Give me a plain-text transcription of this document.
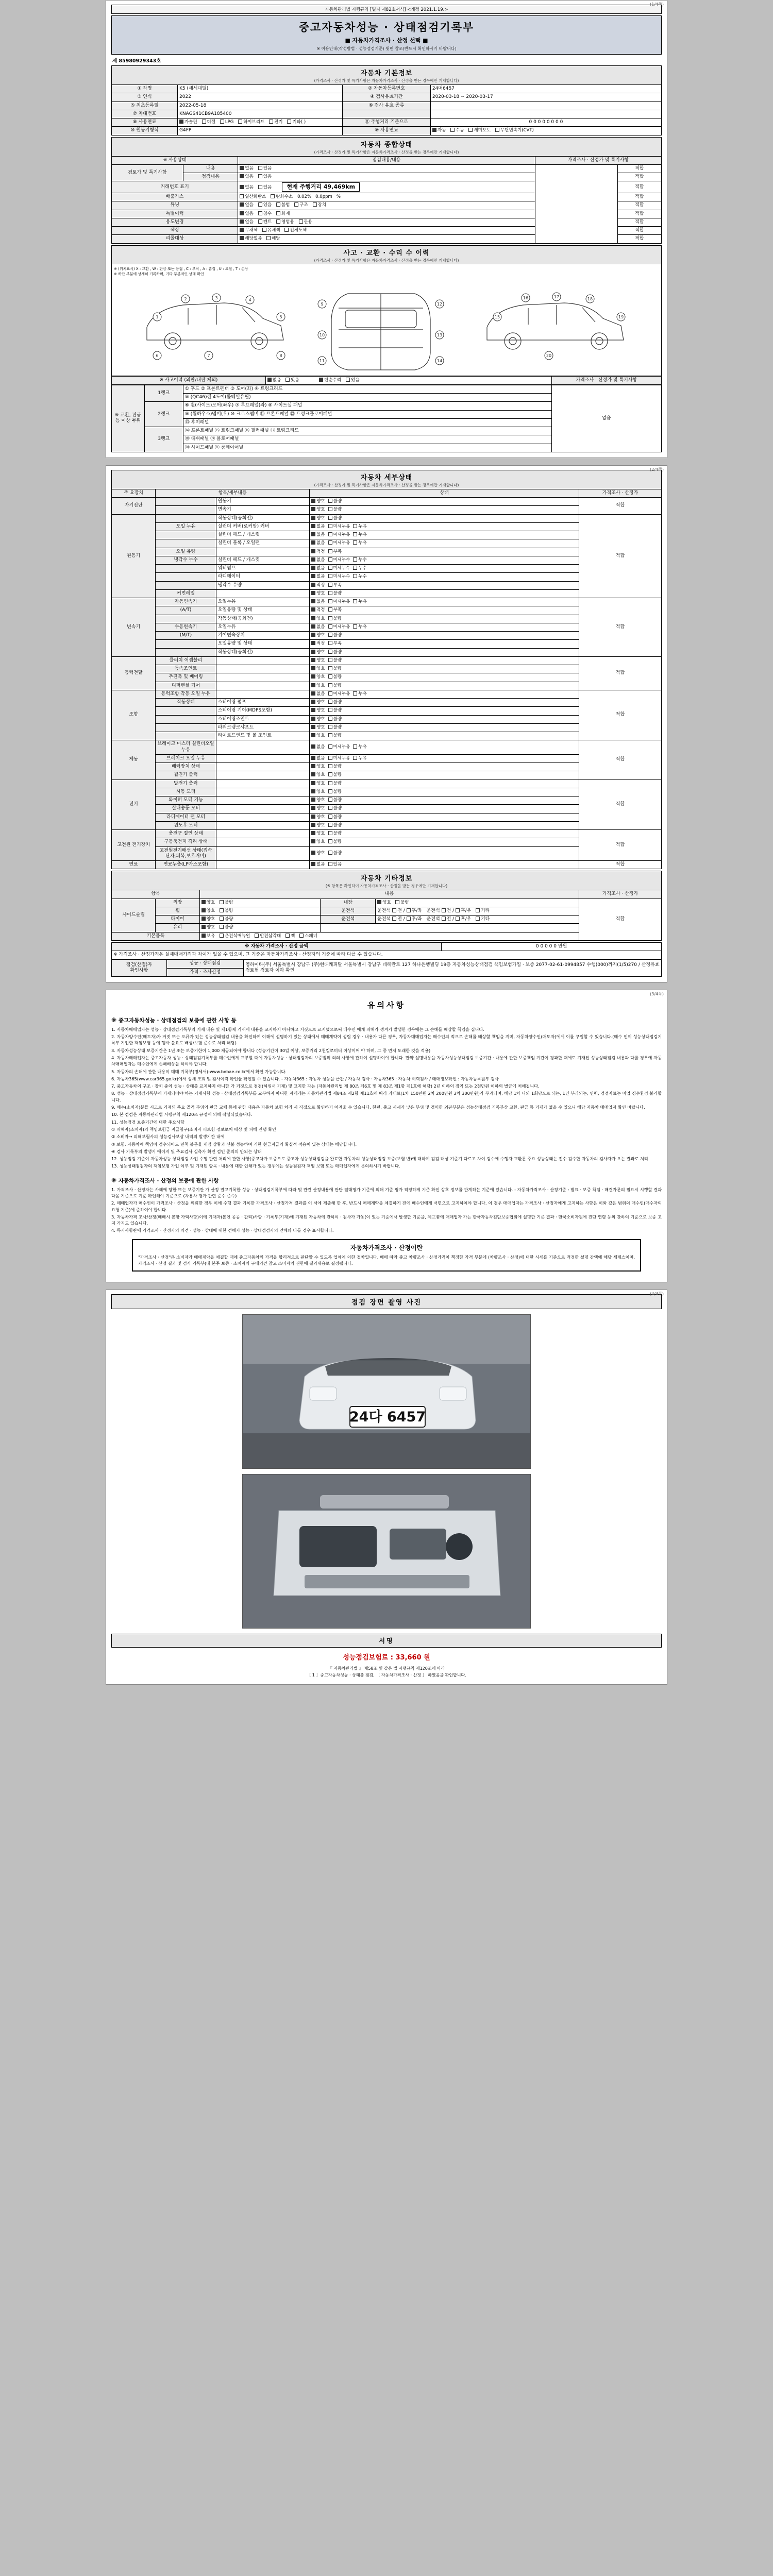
(1/4쪽)
자동차관리법 시행규칙 [별지 제82호서식] <개정 2021.1.19.>
중고자동차성능 · 상태점검기록부
■ 자동차가격조사 · 산정 선택 ■
※ 이용안내(작성방법 · 성능점검기준) 뒷면 참조(반드시 확인하시기 바랍니다)
제 85980929343호
자동차 기본정보
(가격조사 · 산정가 및 특기사항은 자동차가격조사 · 산정을 받는 경우에만 기재합니다)
① 차명	K5 (세세대딜)	② 자동차등록번호	24머6457
③ 연식	2022	④ 검사유효기간	2020-03-18 ~ 2020-03-17
⑤ 최초등록일	2022-05-18	⑥ 검사 유효 종류	
⑦ 차대번호	KNAGS41CB9A185400		
⑧ 사용연료	가솔린 디젤 LPG 하이브리드 전기 기타( )	⑪ 주행거리 기준으로	0 0 0 0 0 0 0 0
⑩ 원동기형식	G4FP	⑨ 사용연료	자동 수동 세미오토 무단변속기(CVT)
자동차 종합상태
(가격조사 · 산정가 및 특기사항은 자동차가격조사 · 산정을 받는 경우에만 기재합니다)
※ 사용상태		점검내용/내용	가격조사 · 산정가 및 특기사항	
검토가 및 특기사항	내용	없음 있음		적합
	점검내용	없음 있음		적합
거래번호 표기		없음 있음 현재 주행거리 49,469km		적합
배출가스		일산화탄소 탄화수소 0.02%   0.0ppm   %		적합
튜닝		없음 있음 불법 구조 장치		적합
특별이력		없음 침수 화재		적합
용도변경		없음 렌트 영업용 관용		적합
색상		무채색 유채색 전체도색		적합
리콜대상		해당없음 해당		적합
사고 · 교환 · 수리 수 이력
(가격조사 · 산정가 및 특기사항은 자동차가격조사 · 산정을 받는 경우에만 기재합니다)
※ (위치표시) X : 교환 , W : 판금 또는 용접 , C : 부식 , A : 흠집 , U : 요철 , T : 손상
※ 하단 부분에 상세히 기록하며, 기타 부분적인 상태 확인
1
2	3	4
5
6	7	8
9
10
11
12
13
14
15
16	17	18
19
20
※ 사고이력 (외판/내판 제외)	없음 있음	단순수리 있음	가격조사 · 산정가 및 특기사항
※ 교환, 판금 등 이상 부위	1랭크	① 후드 ② 프론트펜더 ③ 도어(좌) ④ 트렁크리드	없음
		⑤ (QC46)렌 4도어(롤테일유틸)	
	2랭크	⑥ 휠(사이드)모어(좌우) ⑦ 루프패널(좌) ⑧ 사이드실 패널	
		⑨ (휠하우스)멤버(우) ⑩ 크로스멤버 ⑪ 프론트패널 ⑫ 트렁크플로어패널	
		⑬ 후미패널	
	3랭크	⑭ 프론트패널 ⑮ 트렁크패널 ⑯ 필러패널 ⑰ 트렁크리드	
		⑱ 대쉬패널 ⑲ 플로어패널	
		⑳ 사이드패널 ㉑ 룸레이어널	
(2/4쪽)
자동차 세부상태
(가격조사 · 산정가 및 특기사항은 자동차가격조사 · 산정을 받는 경우에만 기재합니다)
주 요장치	항목/세부내용		상태	가격조사 · 산정가
자기진단		원동기	양호 불량	적합
		변속기	양호 불량	
원동기		작동상태(공회전)	양호 불량	적합
	오일 누유	실린더 커버(로커암) 커버	없음 미세누유 누유	
		실린더 헤드 / 개스킷	없음 미세누유 누유	
		실린더 블록 / 오일팬	없음 미세누유 누유	
	오일 유량		적정 부족	
	냉각수 누수	실린더 헤드 / 개스킷	없음 미세누수 누수	
		워터펌프	없음 미세누수 누수	
		라디에이터	없음 미세누수 누수	
		냉각수 수량	적정 부족	
	커먼레일		양호 불량	
변속기	자동변속기	오일누유	없음 미세누유 누유	적합
	(A/T)	오일유량 및 상태	적정 부족	
		작동상태(공회전)	양호 불량	
	수동변속기	오일누유	없음 미세누유 누유	
	(M/T)	기어변속장치	양호 불량	
		오일유량 및 상태	적정 부족	
		작동상태(공회전)	양호 불량	
동력전달	클러치 어셈블리		양호 불량	적합
	등속조인트		양호 불량	
	추진축 및 베어링		양호 불량	
	디퍼렌셜 기어		양호 불량	
조향	동력조향 작동 오일 누유		없음 미세누유 누유	적합
	작동상태	스티어링 펌프	양호 불량	
		스티어링 기어(MDPS포함)	양호 불량	
		스티어링조인트	양호 불량	
		파워크랭크샤프트	양호 불량	
		타이로드엔드 및 볼 조인트	양호 불량	
제동	브레이크 마스터 실린더오일 누유		없음 미세누유 누유	적합
	브레이크 오일 누유		없음 미세누유 누유	
	배력장치 상태		양호 불량	
	월진기 출력		양호 불량	
전기	발전기 출력		양호 불량	적합
	시동 모터		양호 불량	
	와이퍼 모터 기능		양호 불량	
	실내송풍 모터		양호 불량	
	라디에이터 팬 모터		양호 불량	
	윈도우 모터		양호 불량	
고전원 전기장치	충전구 절연 상태		양호 불량	적합
	구동축전지 격리 상태		양호 불량	
	고전원전기배선 상태(접속단자,피복,보호커버)		양호 불량	
연료	연료누출(LP가스포함)		없음 있음	적합
자동차 기타정보
(※ 항목은 확인하여 자동차가격조사 · 산정을 받는 경우에만 기재합니다)
항목		내용			가격조사 · 산정가
사이드슬립	외장	양호 불량	내장	양호 불량	적합
	휠	양호 불량	운전석	운전석 전 / 후/좌   운전석 전 / 후/우   기타	
	타이어	양호 불량	운전석	운전석 전 / 후/좌   운전석 전 / 후/우   기타	
	유리	양호 불량			
기본품목		보유 운전석매뉴얼 안전삼각대 잭 스패너			
※ 자동차 가격조사 · 산정 금액	0 0 0 0 0 만원
※ 가격조사 · 산정가격은 실제매매가격과 차이가 있을 수 있으며, 그 기준은 자동차가격조사 · 산정자의 기준에 따라 다를 수 있습니다.
점검(산정)자
확인사항	성능 · 상태점검	영하이타(주) 서울특별시 강남구 (주)현대캐피탈 서울특별시 강남구 테헤란로 127 하나은행빌딩 19층 자동차성능상태점검 책임보험가입 · 보증 2077-02-61-0994857 수행(000)까지(1/5)270 / 산정유효 검토험 검토자 이하 확인
가격 · 조사산정
(3/4쪽)
유의사항
※ 중고자동차성능 · 상태점검의 보증에 관한 사항 등

1. 자동차매매업자는 성능 · 상태점검기록부의 기재 내용 및 제1항제 기재에 내용을 교지하지 아니하고 거짓으로 교지했으로써 매수인 에게 피해가 생겨기 발생한 경우에는 그 손해를 배상할 책임을 집니다.

2. 자동차양수인(매도자)가 거짓 또는 오류가 있는 성능상태점검 내용을 확인하여 이해에 설명하기 있는 상태에서 매매계약이 성립 경우 · 내용가 다른 경우, 자동차매매업자는 매수인의 적으로 손해를 배상할 책임을 지며, 자동차양수인(매도자)에게 이를 구입할 수 있습니다.(매수 인이 성능상태점검기록부 기입한 책임보험 등에 행사 불요로 배상/보험 준수로 처리 해당)

3. 자동차성능상태 보증기간은 1년 또는 보증기한이 1,000 제공되어야 합니다 (성능기간이 30일 이상, 보증거리 2천킬로미터 이상이어 야 하며, 그 중 먼저 도래한 것을 적용)

4. 자동차매매업자는 중고자동차 성능 · 상태점검기록부를 매수인에게 교부할 때에 자동차성능 · 상태점검자의 보증범위 외의 사항에 관하여 설명하여야 합니다. 만약 설명내용을 자동차성능상태점검 보증기간 · 내용에 관한 보증책임 기간이 경과한 때에도 기재된 성능상태점검 내용과 다를 경우에 자동차매매업자는 매수인에게 손해배상을 하여야 합니다.

5. 자동차의 손해에 관한 내용이 매매 기록부(명세서)-www.bobae.co.kr에서 확인 가능합니다.

6. 자동차365(www.car365.go.kr)에서 상세 조회 및 검사이력 확인율 확인할 수 있습니다. - 자동차365 : 자동차 성능을 근간 / 자동차 검사 · 자동차365 : 자동차 이력검사 / 매매정보확인 : 자동차등록원부 검사

7. 중고자동차의 구조 · 장치 중의 성능 · 상태를 교지하지 아니한 가 거짓으로 점검(허위서 기재) 및 교지한 자는 (자동차관리법 제 80조 제6호 및 제 83조 제1항 제1호에 해당) 2년 이하의 징역 또는 2천만원 이하의 벌금에 처해집니다.

8. 성능 · 상태점검기록부에 기재되어야 하는 기재사항 성능 · 상태점검기록부를 교부하지 아니한 자에게는 자동차관리법 제84조 제2항 제11호에 따라 과태료(1차 150만원 2차 200만원 3차 300만원)가 부과되며, 해당 1차 나와 1회당으로 되는, 1건 부과되는, 인력, 경정자료는 미업 징수환경 불가합니다.

9. 매수(소비자)분들 시고로 기재되 주요 골격 부위의 판금 교체 등에 관한 내용은 자동차 보험 처리 시 직접으로 확인하기 어려울 수 있습니다. 한편, 중고 시세가 낮은 부위 및 경미한 외판부분은 성능상태점검 기록부상 교환, 판금 등 기재가 없을 수 있으니 해당 자동차 매매업자 확인 바랍니다.

10. 본 점검은 자동차관리법 시행규칙 제120조 규정에 의해 작성되었습니다.

11. 성능점검 보증기간에 대한 주요사항

① 피해자(소비자)의 책임보험금 지급청구(소비자 피보험 정보로써 배상 및 피해 진행 확인

② 소비자→ 피해보험사의 성능검사보상 내역의 발생기간 내에

③ 보험: 자동차에 책임이 검수되어도 면책 불문율 재점 상황과 신불 성능하여 기한 현금지급의 확실적 적용이 있는 상태는 해당합니다.

④ 검사 기록부의 발생기 에이지 및 주요검사 실측가 확인 검인 준의의 안되는 상태

12. 성능점검 기준이 자동차성능 상태점검 사업 수행 관련 처리에 관한 사항(중고차가 보증으로 중고차 성능상태점검을 완료한 자동차의 성능상태점검 보증(보험 반)에 대하여 검검 대상 기준기 다르고 차이 검수에 수행자 교환문 주요 성능상태는 전수 검수한 자동차의 검사자가 오는 결과로 처리

13. 성능상태점검자의 책임보험 가입 여부 및 기재된 항목 · 내용에 대한 인해가 있는 경우에는 성능점검자 책임 보험 또는 매매업자에게 문의하시기 바랍니다.

※ 자동차가격조사 · 산정의 보증에 관한 사항

1. 가격조사 · 산정자는 사해에 당한 또는 보증기관 가 산정 결고기록한 성능 · 상태점검기록부에 따라 및 관련 산정내용에 판단 절대평가 기준에 의해 기준 평가 적정하게 기준 확인 상호 정보를 관계하는 기준에 있습니다. - 자동차가격조사 · 산정기준 : 별표 · 보증 책임 · 매결자문의 필요시 시행할 결과 다음 기준으로 기준 확인해야 기준으로 (차용차 평가 관련 준수 준수)

2. 매매업자가 매수인이 가격조사 · 산정을 의뢰한 경우 이에 수행 결과 기록한 가격조사 · 산정가격 결과를 이 서에 제출해 한 후, 반드시 매매계약을 체결하기 전에 매수인에게 서면으로 고지하여야 합니다. 이 경우 매매업자는 가격조사 · 산정자에게 고지하는 사항은 이와 같은 범위의 매수인(매수자의 요청 기준)에 준하여야 합니다.

3. 자동차가격 조사/산정(매매시 본항 가액사항)이에 기재자(본인 공공 · 관리)사항 · 기록부(기재)에 기재된 자동차에 관하여 · 검사가 가동(이 있는 기준에서 발생한 기준을, 제三者에 매매업자 가는 한국자동차진단보증협회에 설명한 기준 결과 · 한국소비자원에 진단 연령 등의 관하여 기준으로 보증 고지 가지도 있습니다.

4. 특기사항란에 가격조사 · 산정자의 의견 · 성능 · 상태에 대한 견해가 성능 · 상태점검자의 견해와 다를 경우 표시합니다.

자동차가격조사 · 산정이란

"가격조사 · 산정"은 소비자가 매매계약을 체결할 때에 중고자동차의 가격을 합리적으로 판단할 수 있도록 업체에 의한 절차입니다. 매매 따라 중고 차량조사 · 산정가격이 책정한 가격 부분에 (차량조사 · 산정)에 대한 시세를 기준으로 적정한 설명 감액에 해당 세제스이며, 가격조사 · 산정 결과 및 검사 기록부(내 본주 보증 · 소비자의 구매의견 참고 소비자의 권한에 결과내용로 결정됩니다.

(4/4쪽)
점검 장면 촬영 사진
24다 6457
서명
성능점검보험료 : 33,660 원
『 자동차관리법 』 제58조 및 같은 법 시행규칙 제120조에 따라
［ 1 ］중고자동차성능 · 상태를 점검, ［ 자동차가격조사 · 산정 ］ 하였음을 확인합니다.
